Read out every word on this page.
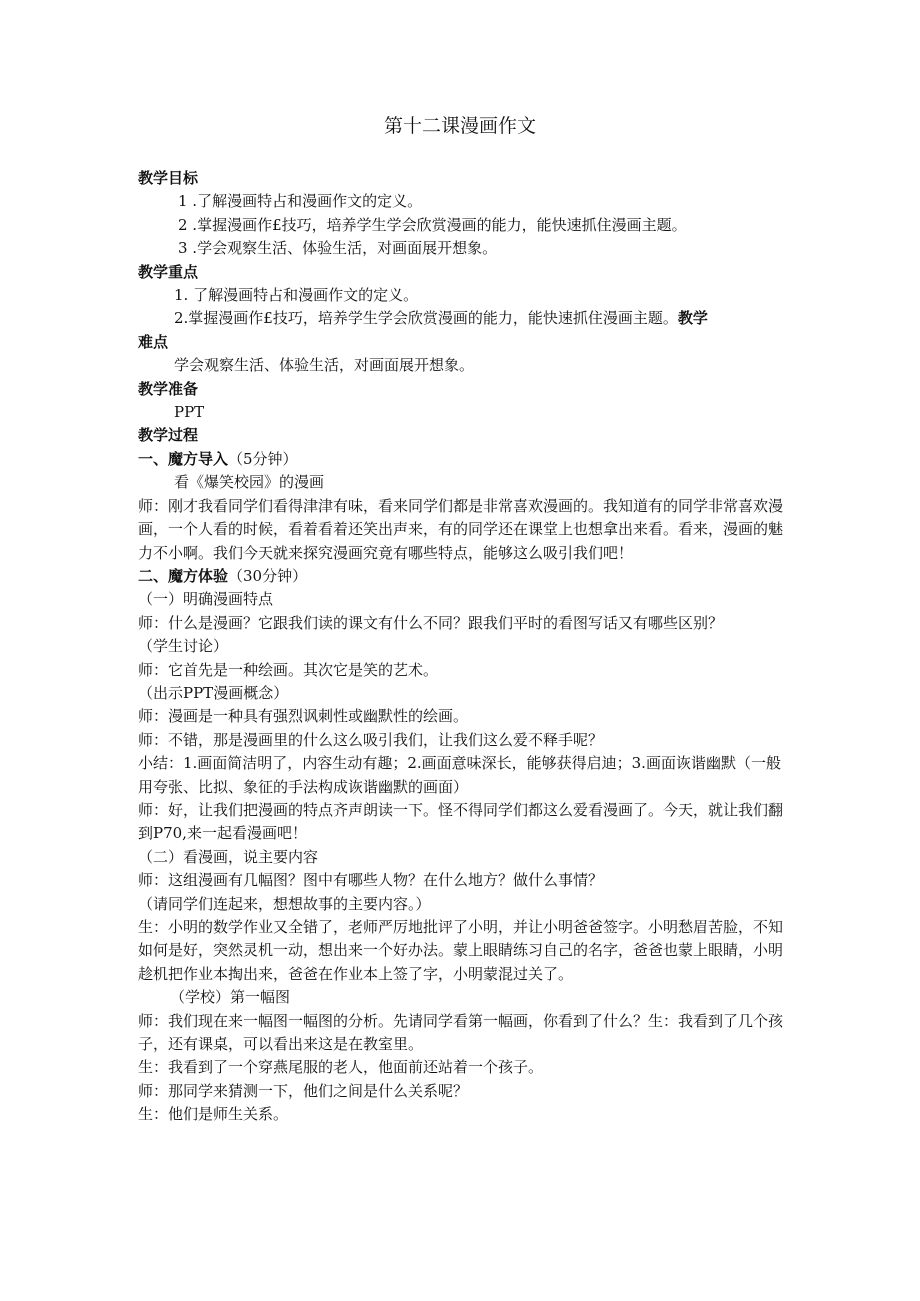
第十二课漫画作文

教学目标

1 .了解漫画特占和漫画作文的定义。

2 .掌握漫画作£技巧，培养学生学会欣赏漫画的能力，能快速抓住漫画主题。

3 .学会观察生活、体验生活，对画面展开想象。

教学重点

1. 了解漫画特占和漫画作文的定义。

2.掌握漫画作£技巧，培养学生学会欣赏漫画的能力，能快速抓住漫画主题。教学

难点

学会观察生活、体验生活，对画面展开想象。

教学准备

PPT

教学过程

一、魔方导入（5分钟）

看《爆笑校园》的漫画

师：刚才我看同学们看得津津有味，看来同学们都是非常喜欢漫画的。我知道有的同学非常喜欢漫画，一个人看的时候，看着看着还笑出声来，有的同学还在课堂上也想拿出来看。看来，漫画的魅力不小啊。我们今天就来探究漫画究竟有哪些特点，能够这么吸引我们吧！

二、魔方体验（30分钟）

（一）明确漫画特点

师：什么是漫画？它跟我们读的课文有什么不同？跟我们平时的看图写话又有哪些区别？

（学生讨论）

师：它首先是一种绘画。其次它是笑的艺术。

（出示PPT漫画概念）

师：漫画是一种具有强烈讽刺性或幽默性的绘画。

师：不错，那是漫画里的什么这么吸引我们，让我们这么爱不释手呢？

小结：1.画面简洁明了，内容生动有趣；2.画面意味深长，能够获得启迪；3.画面诙谐幽默（一般用夸张、比拟、象征的手法构成诙谐幽默的画面）

师：好，让我们把漫画的特点齐声朗读一下。怪不得同学们都这么爱看漫画了。今天，就让我们翻到P70,来一起看漫画吧！

（二）看漫画，说主要内容

师：这组漫画有几幅图？图中有哪些人物？在什么地方？做什么事情？

（请同学们连起来，想想故事的主要内容。）

生：小明的数学作业又全错了，老师严厉地批评了小明，并让小明爸爸签字。小明愁眉苦脸，不知如何是好，突然灵机一动，想出来一个好办法。蒙上眼睛练习自己的名字，爸爸也蒙上眼睛，小明趁机把作业本掏出来，爸爸在作业本上签了字，小明蒙混过关了。

（学校）第一幅图

师：我们现在来一幅图一幅图的分析。先请同学看第一幅画，你看到了什么？生：我看到了几个孩子，还有课桌，可以看出来这是在教室里。

生：我看到了一个穿燕尾服的老人，他面前还站着一个孩子。

师：那同学来猜测一下，他们之间是什么关系呢？

生：他们是师生关系。
